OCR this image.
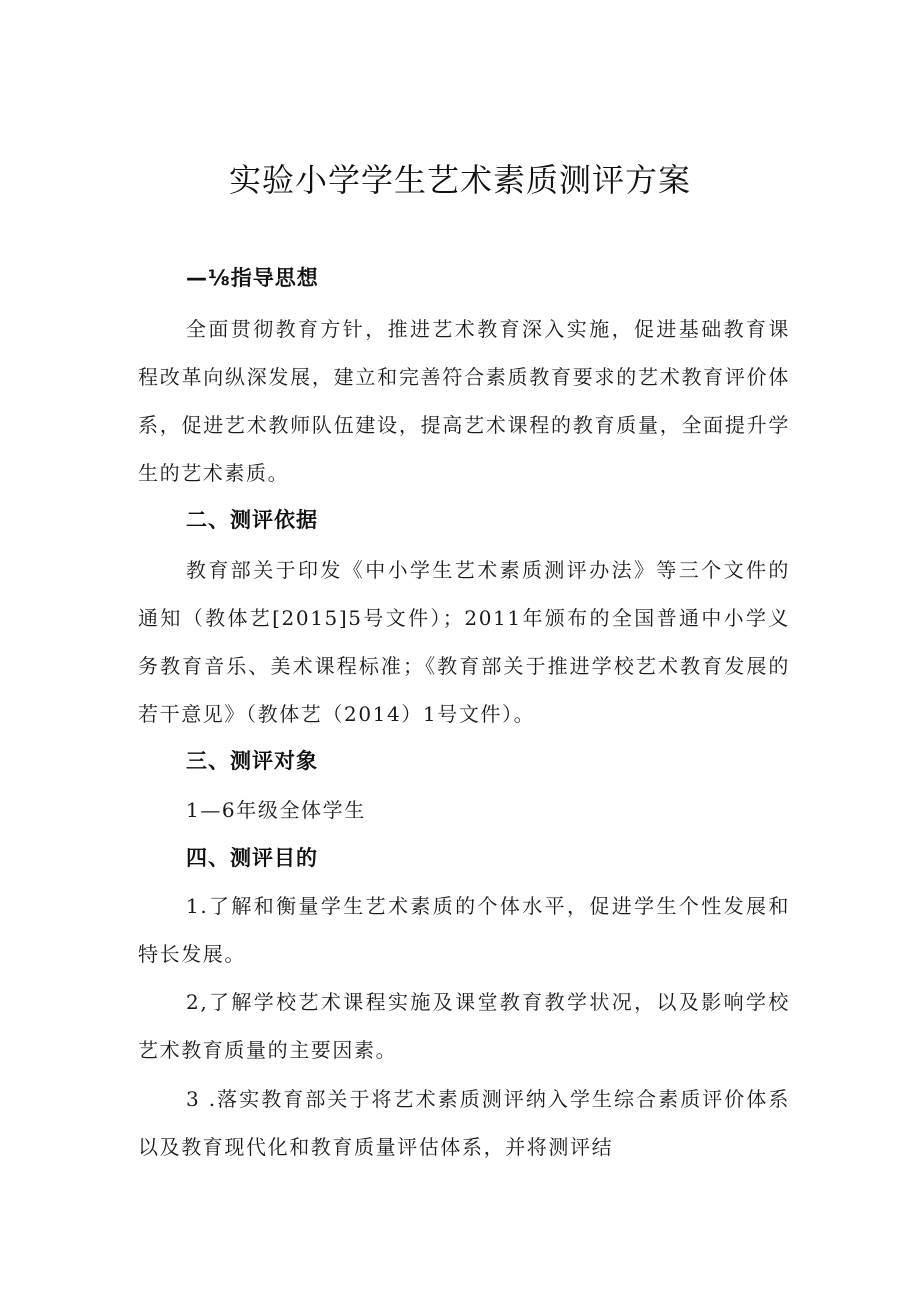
实验小学学生艺术素质测评方案
—⅛指导思想
全面贯彻教育方针，推进艺术教育深入实施，促进基础教育课程改革向纵深发展，建立和完善符合素质教育要求的艺术教育评价体系，促进艺术教师队伍建设，提高艺术课程的教育质量，全面提升学生的艺术素质。
二、测评依据
教育部关于印发《中小学生艺术素质测评办法》等三个文件的通知（教体艺[2015]5号文件）；2011年颁布的全国普通中小学义务教育音乐、美术课程标准；《教育部关于推进学校艺术教育发展的若干意见》（教体艺（2014）1号文件）。
三、测评对象
1—6年级全体学生
四、测评目的
1.了解和衡量学生艺术素质的个体水平，促进学生个性发展和特长发展。
2,了解学校艺术课程实施及课堂教育教学状况，以及影响学校艺术教育质量的主要因素。
3 .落实教育部关于将艺术素质测评纳入学生综合素质评价体系以及教育现代化和教育质量评估体系，并将测评结
